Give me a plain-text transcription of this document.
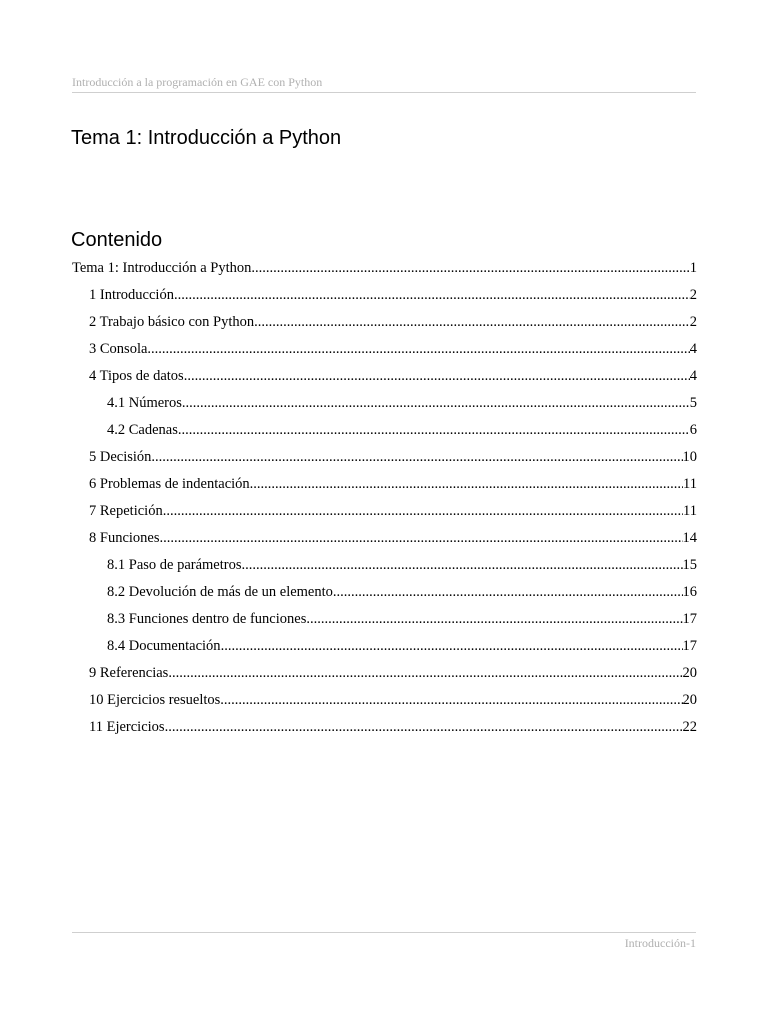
Introducción a la programación en GAE con Python
Tema 1: Introducción a Python
Contenido
Tema 1: Introducción a Python .....	1
1 Introducción .....	2
2 Trabajo básico con Python .....	2
3 Consola .....	4
4 Tipos de datos .....	4
4.1 Números .....	5
4.2 Cadenas .....	6
5 Decisión .....	10
6 Problemas de indentación .....	11
7 Repetición .....	11
8 Funciones .....	14
8.1 Paso de parámetros .....	15
8.2 Devolución de más de un elemento .....	16
8.3 Funciones dentro de funciones .....	17
8.4 Documentación .....	17
9 Referencias .....	20
10 Ejercicios resueltos .....	20
11 Ejercicios .....	22
Introducción-1
